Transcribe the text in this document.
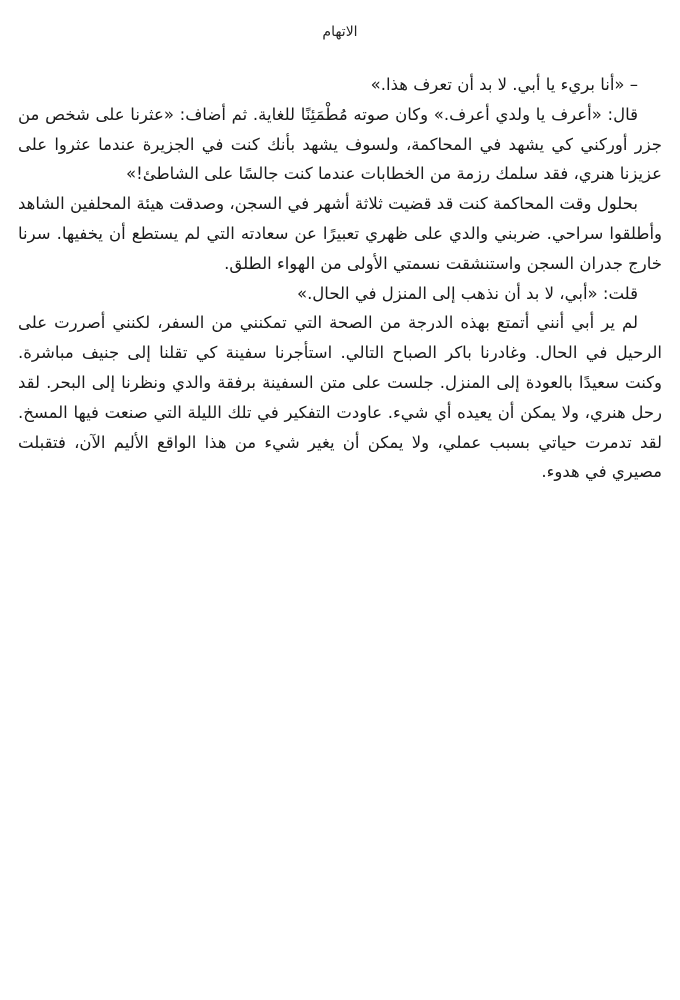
الاتهام

– «أنا بريء يا أبي. لا بد أن تعرف هذا.»

قال: «أعرف يا ولدي أعرف.» وكان صوته مُطْمَئِنًا للغاية. ثم أضاف: «عثرنا على شخص من جزر أوركني كي يشهد في المحاكمة، ولسوف يشهد بأنك كنت في الجزيرة عندما عثروا على عزيزنا هنري، فقد سلمك رزمة من الخطابات عندما كنت جالسًا على الشاطئ!»

بحلول وقت المحاكمة كنت قد قضيت ثلاثة أشهر في السجن، وصدقت هيئة المحلفين الشاهد وأطلقوا سراحي. ضربني والدي على ظهري تعبيرًا عن سعادته التي لم يستطع أن يخفيها. سرنا خارج جدران السجن واستنشقت نسمتي الأولى من الهواء الطلق.

قلت: «أبي، لا بد أن نذهب إلى المنزل في الحال.»

لم ير أبي أنني أتمتع بهذه الدرجة من الصحة التي تمكنني من السفر، لكنني أصررت على الرحيل في الحال. وغادرنا باكر الصباح التالي. استأجرنا سفينة كي تقلنا إلى جنيف مباشرة. وكنت سعيدًا بالعودة إلى المنزل. جلست على متن السفينة برفقة والدي ونظرنا إلى البحر. لقد رحل هنري، ولا يمكن أن يعيده أي شيء. عاودت التفكير في تلك الليلة التي صنعت فيها المسخ. لقد تدمرت حياتي بسبب عملي، ولا يمكن أن يغير شيء من هذا الواقع الأليم الآن، فتقبلت مصيري في هدوء.
